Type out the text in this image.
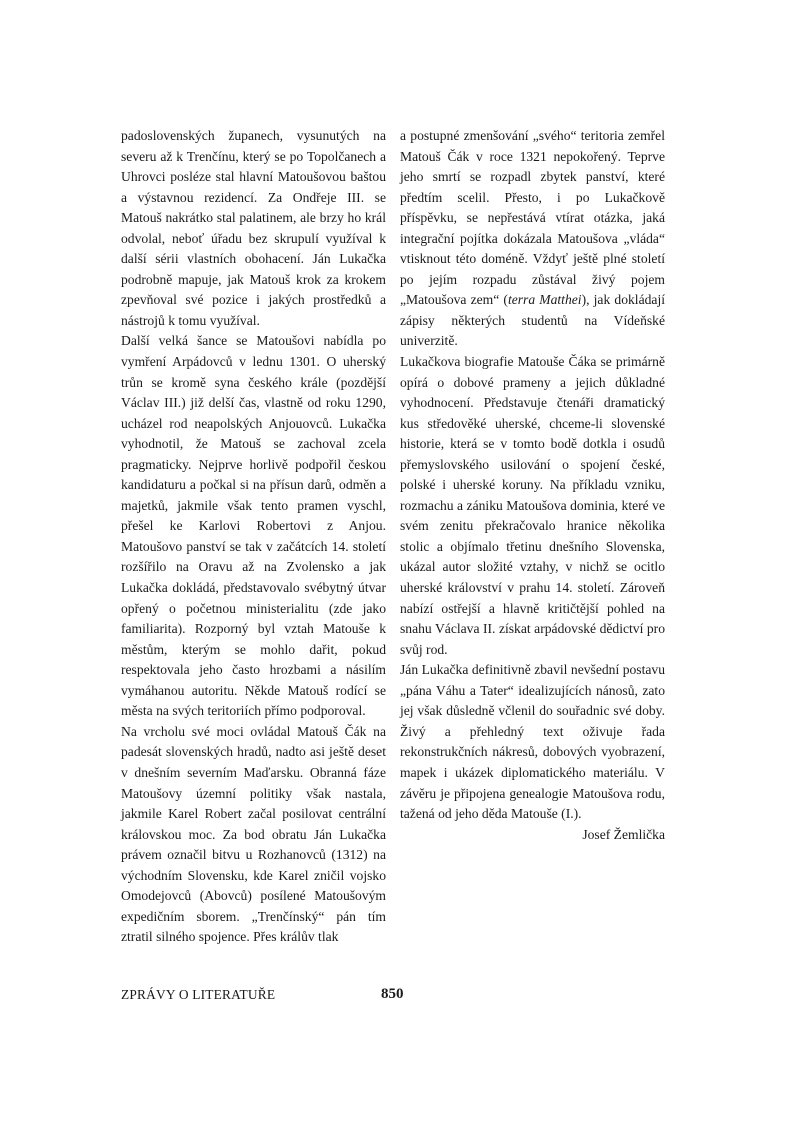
padoslovenských županech, vysunutých na severu až k Trenčínu, který se po Topolčanech a Uhrovci posléze stal hlavní Matoušovou baštou a výstavnou rezidencí. Za Ondřeje III. se Matouš nakrátko stal palatinem, ale brzy ho král odvolal, neboť úřadu bez skrupulí využíval k další sérii vlastních obohacení. Ján Lukačka podrobně mapuje, jak Matouš krok za krokem zpevňoval své pozice i jakých prostředků a nástrojů k tomu využíval.

Další velká šance se Matoušovi nabídla po vymření Arpádovců v lednu 1301. O uherský trůn se kromě syna českého krále (pozdější Václav III.) již delší čas, vlastně od roku 1290, ucházel rod neapolských Anjouovců. Lukačka vyhodnotil, že Matouš se zachoval zcela pragmaticky. Nejprve horlivě podpořil českou kandidaturu a počkal si na přísun darů, odměn a majetků, jakmile však tento pramen vyschl, přešel ke Karlovi Robertovi z Anjou. Matoušovo panství se tak v začátcích 14. století rozšířilo na Oravu až na Zvolensko a jak Lukačka dokládá, představovalo svébytný útvar opřený o početnou ministerialitu (zde jako familiarita). Rozporný byl vztah Matouše k městům, kterým se mohlo dařit, pokud respektovala jeho často hrozbami a násilím vymáhanou autoritu. Někde Matouš rodící se města na svých teritoriích přímo podporoval.

Na vrcholu své moci ovládal Matouš Čák na padesát slovenských hradů, nadto asi ještě deset v dnešním severním Maďarsku. Obranná fáze Matoušovy územní politiky však nastala, jakmile Karel Robert začal posilovat centrální královskou moc. Za bod obratu Ján Lukačka právem označil bitvu u Rozhanovců (1312) na východním Slovensku, kde Karel zničil vojsko Omodejovců (Abovců) posílené Matoušovým expedičním sborem. „Trenčínský“ pán tím ztratil silného spojence. Přes králův tlak

a postupné zmenšování „svého“ teritoria zemřel Matouš Čák v roce 1321 nepokořený. Teprve jeho smrtí se rozpadl zbytek panství, které předtím scelil. Přesto, i po Lukačkově příspěvku, se nepřestává vtírat otázka, jaká integrační pojítka dokázala Matoušova „vláda“ vtisknout této doméně. Vždyť ještě plné století po jejím rozpadu zůstával živý pojem „Matoušova zem“ (terra Matthei), jak dokládají zápisy některých studentů na Vídeňské univerzitě.

Lukačkova biografie Matouše Čáka se primárně opírá o dobové prameny a jejich důkladné vyhodnocení. Představuje čtenáři dramatický kus středověké uherské, chceme-li slovenské historie, která se v tomto bodě dotkla i osudů přemyslovského usilování o spojení české, polské i uherské koruny. Na příkladu vzniku, rozmachu a zániku Matoušova dominia, které ve svém zenitu překračovalo hranice několika stolic a objímalo třetinu dnešního Slovenska, ukázal autor složité vztahy, v nichž se ocitlo uherské království v prahu 14. století. Zároveň nabízí ostřejší a hlavně kritičtější pohled na snahu Václava II. získat arpádovské dědictví pro svůj rod.

Ján Lukačka definitivně zbavil nevšední postavu „pána Váhu a Tater“ idealizujících nánosů, zato jej však důsledně včlenil do souřadnic své doby. Živý a přehledný text oživuje řada rekonstrukčních nákresů, dobových vyobrazení, mapek i ukázek diplomatického materiálu. V závěru je připojena genealogie Matoušova rodu, tažená od jeho děda Matouše (I.).

Josef Žemlička

ZPRÁVY O LITERATUŘE	850
